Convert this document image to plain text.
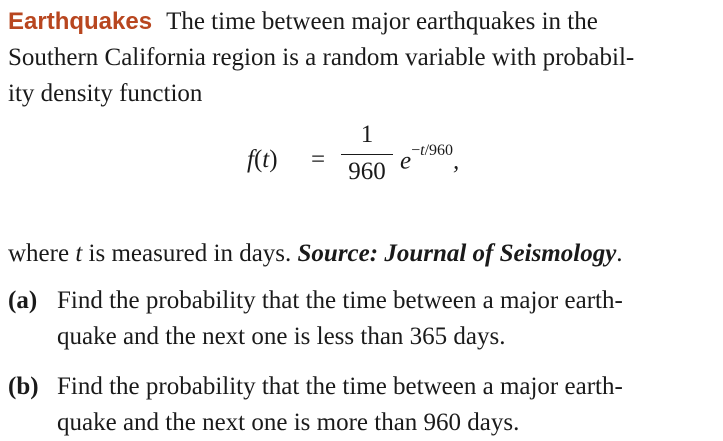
Earthquakes The time between major earthquakes in the
Southern California region is a random variable with probabil-
ity density function
f(t) =
1
960 $e^{-t/960}$,
where t is measured in days. Source: Journal of Seismology.
(a) Find the probability that the time between a major earth-
quake and the next one is less than 365 days.
(b) Find the probability that the time between a major earth-
quake and the next one is more than 960 days.
